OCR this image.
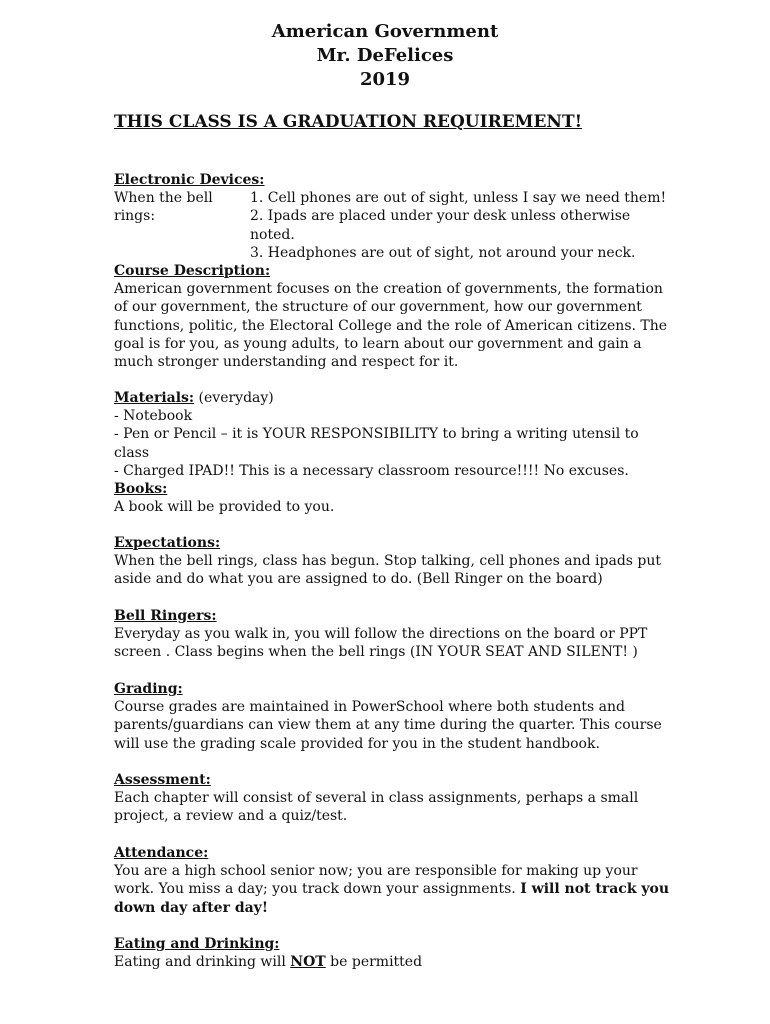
American Government
Mr. DeFelices
2019
THIS CLASS IS A GRADUATION REQUIREMENT!
Electronic Devices:
When the bell rings:
1. Cell phones are out of sight, unless I say we need them!
2. Ipads are placed under your desk unless otherwise noted.
3. Headphones are out of sight, not around your neck.
Course Description:

American government focuses on the creation of governments, the formation of our government, the structure of our government, how our government functions, politic, the Electoral College and the role of American citizens. The goal is for you, as young adults, to learn about our government and gain a much stronger understanding and respect for it.

Materials: (everyday)
- Notebook
- Pen or Pencil – it is YOUR RESPONSIBILITY to bring a writing utensil to class
- Charged IPAD!! This is a necessary classroom resource!!!! No excuses.
Books:

A book will be provided to you.

Expectations:

When the bell rings, class has begun. Stop talking, cell phones and ipads put aside and do what you are assigned to do. (Bell Ringer on the board)

Bell Ringers:

Everyday as you walk in, you will follow the directions on the board or PPT screen . Class begins when the bell rings (IN YOUR SEAT AND SILENT! )

Grading:

Course grades are maintained in PowerSchool where both students and parents/guardians can view them at any time during the quarter. This course will use the grading scale provided for you in the student handbook.

Assessment:

Each chapter will consist of several in class assignments, perhaps a small project, a review and a quiz/test.

Attendance:

You are a high school senior now; you are responsible for making up your work. You miss a day; you track down your assignments. I will not track you down day after day!

Eating and Drinking:

Eating and drinking will NOT be permitted
